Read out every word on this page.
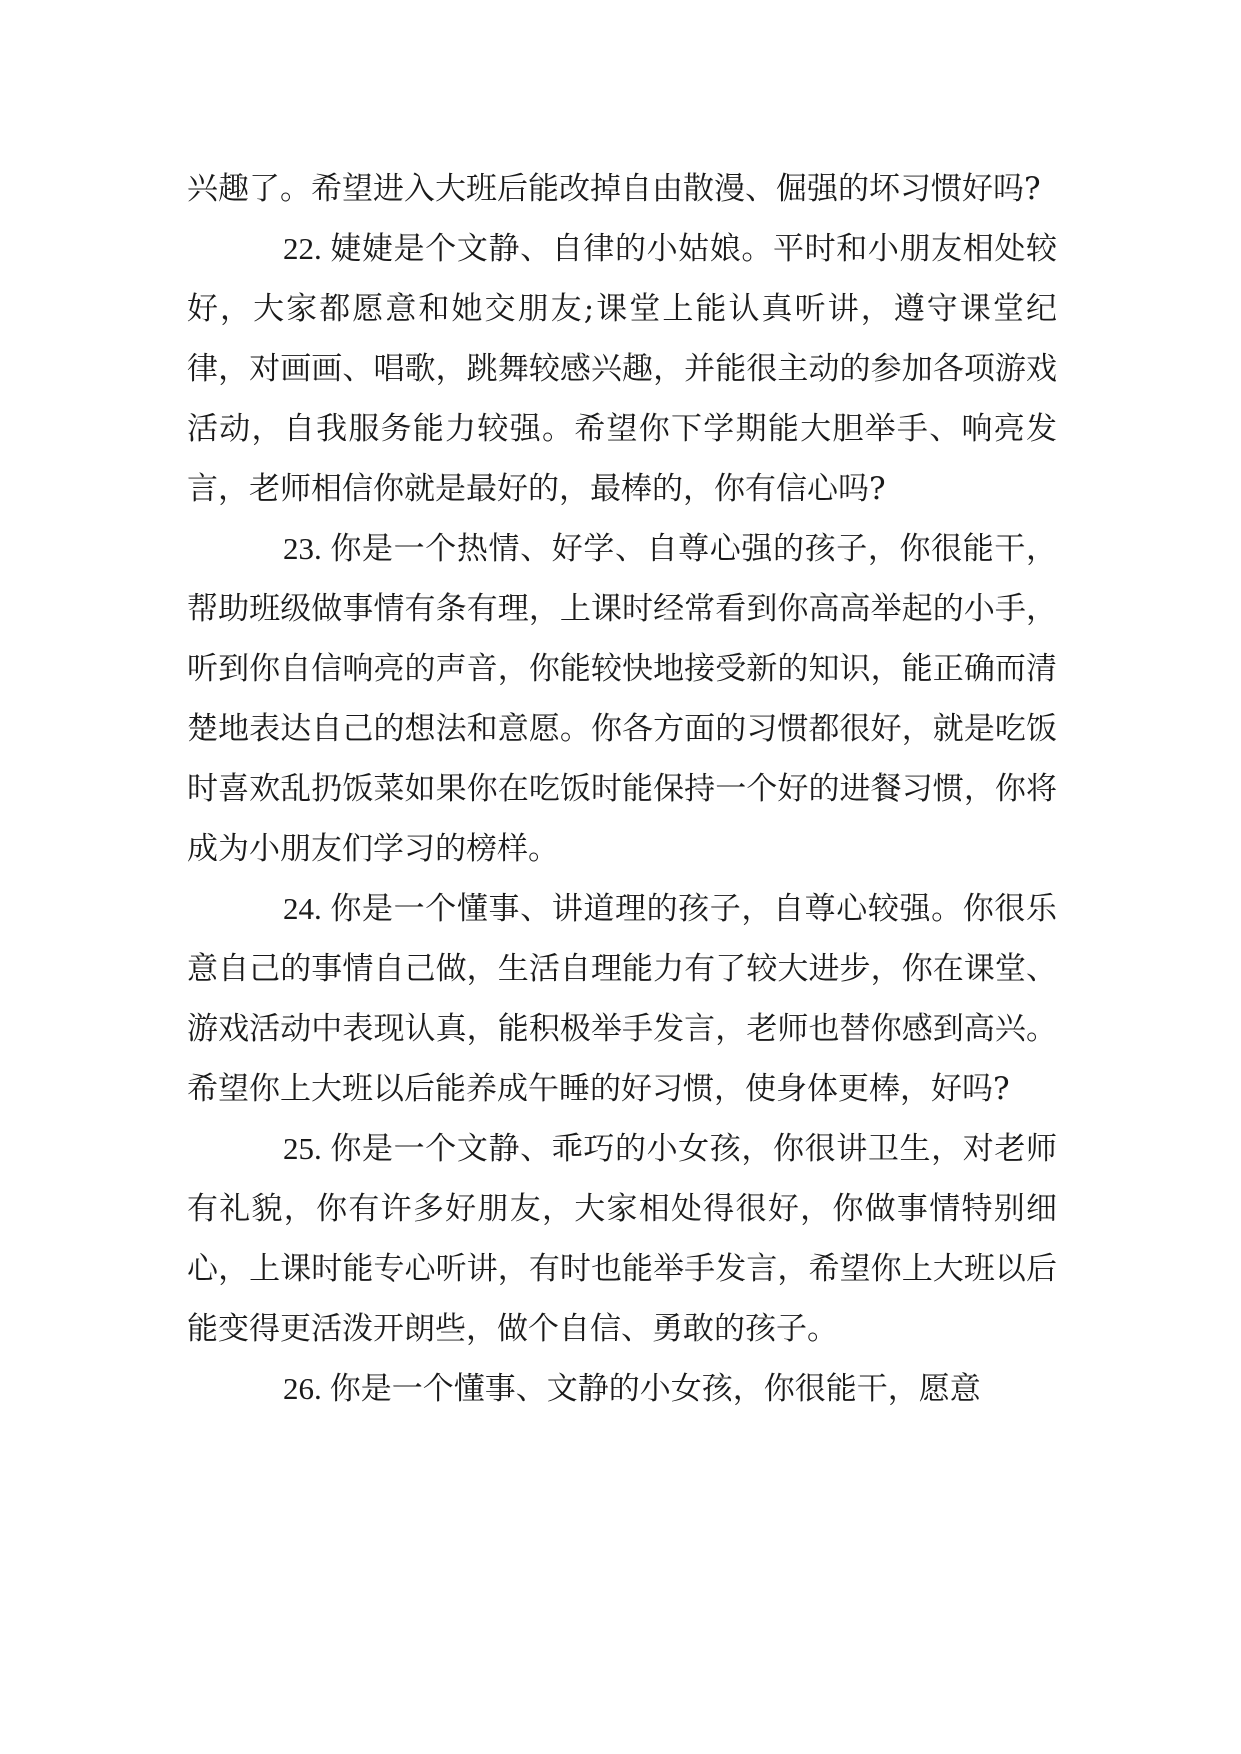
兴趣了。希望进入大班后能改掉自由散漫、倔强的坏习惯好吗?

22. 婕婕是个文静、自律的小姑娘。平时和小朋友相处较好，大家都愿意和她交朋友;课堂上能认真听讲，遵守课堂纪律，对画画、唱歌，跳舞较感兴趣，并能很主动的参加各项游戏活动，自我服务能力较强。希望你下学期能大胆举手、响亮发言，老师相信你就是最好的，最棒的，你有信心吗?

23. 你是一个热情、好学、自尊心强的孩子，你很能干，帮助班级做事情有条有理，上课时经常看到你高高举起的小手，听到你自信响亮的声音，你能较快地接受新的知识，能正确而清楚地表达自己的想法和意愿。你各方面的习惯都很好，就是吃饭时喜欢乱扔饭菜如果你在吃饭时能保持一个好的进餐习惯，你将成为小朋友们学习的榜样。

24. 你是一个懂事、讲道理的孩子，自尊心较强。你很乐意自己的事情自己做，生活自理能力有了较大进步，你在课堂、游戏活动中表现认真，能积极举手发言，老师也替你感到高兴。希望你上大班以后能养成午睡的好习惯，使身体更棒，好吗?

25. 你是一个文静、乖巧的小女孩，你很讲卫生，对老师有礼貌，你有许多好朋友，大家相处得很好，你做事情特别细心，上课时能专心听讲，有时也能举手发言，希望你上大班以后能变得更活泼开朗些，做个自信、勇敢的孩子。

26. 你是一个懂事、文静的小女孩，你很能干，愿意
